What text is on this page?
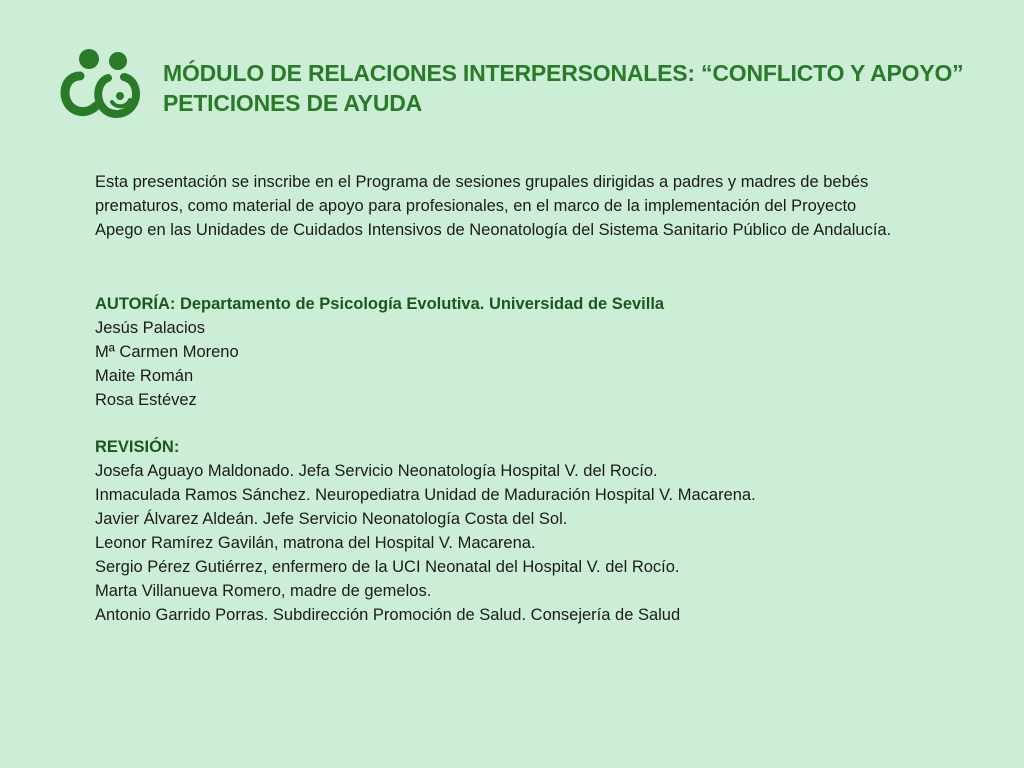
MÓDULO DE RELACIONES INTERPERSONALES: “CONFLICTO Y APOYO”
PETICIONES DE AYUDA

Esta presentación se inscribe en el Programa de sesiones grupales dirigidas a padres y madres de bebés

prematuros, como material de apoyo para profesionales, en el marco de la implementación del Proyecto

Apego en las Unidades de Cuidados Intensivos de Neonatología del Sistema Sanitario Público de Andalucía.

AUTORÍA: Departamento de Psicología Evolutiva. Universidad de Sevilla

Jesús Palacios

Mª Carmen Moreno

Maite Román

Rosa Estévez

REVISIÓN:

Josefa Aguayo Maldonado. Jefa Servicio Neonatología Hospital V. del Rocío.

Inmaculada Ramos Sánchez. Neuropediatra Unidad de Maduración Hospital V. Macarena.

Javier Álvarez Aldeán. Jefe Servicio Neonatología Costa del Sol.

Leonor Ramírez Gavilán, matrona del Hospital V. Macarena.

Sergio Pérez Gutiérrez, enfermero de la UCI Neonatal del Hospital V. del Rocío.

Marta Villanueva Romero, madre de gemelos.

Antonio Garrido Porras. Subdirección Promoción de Salud. Consejería de Salud
